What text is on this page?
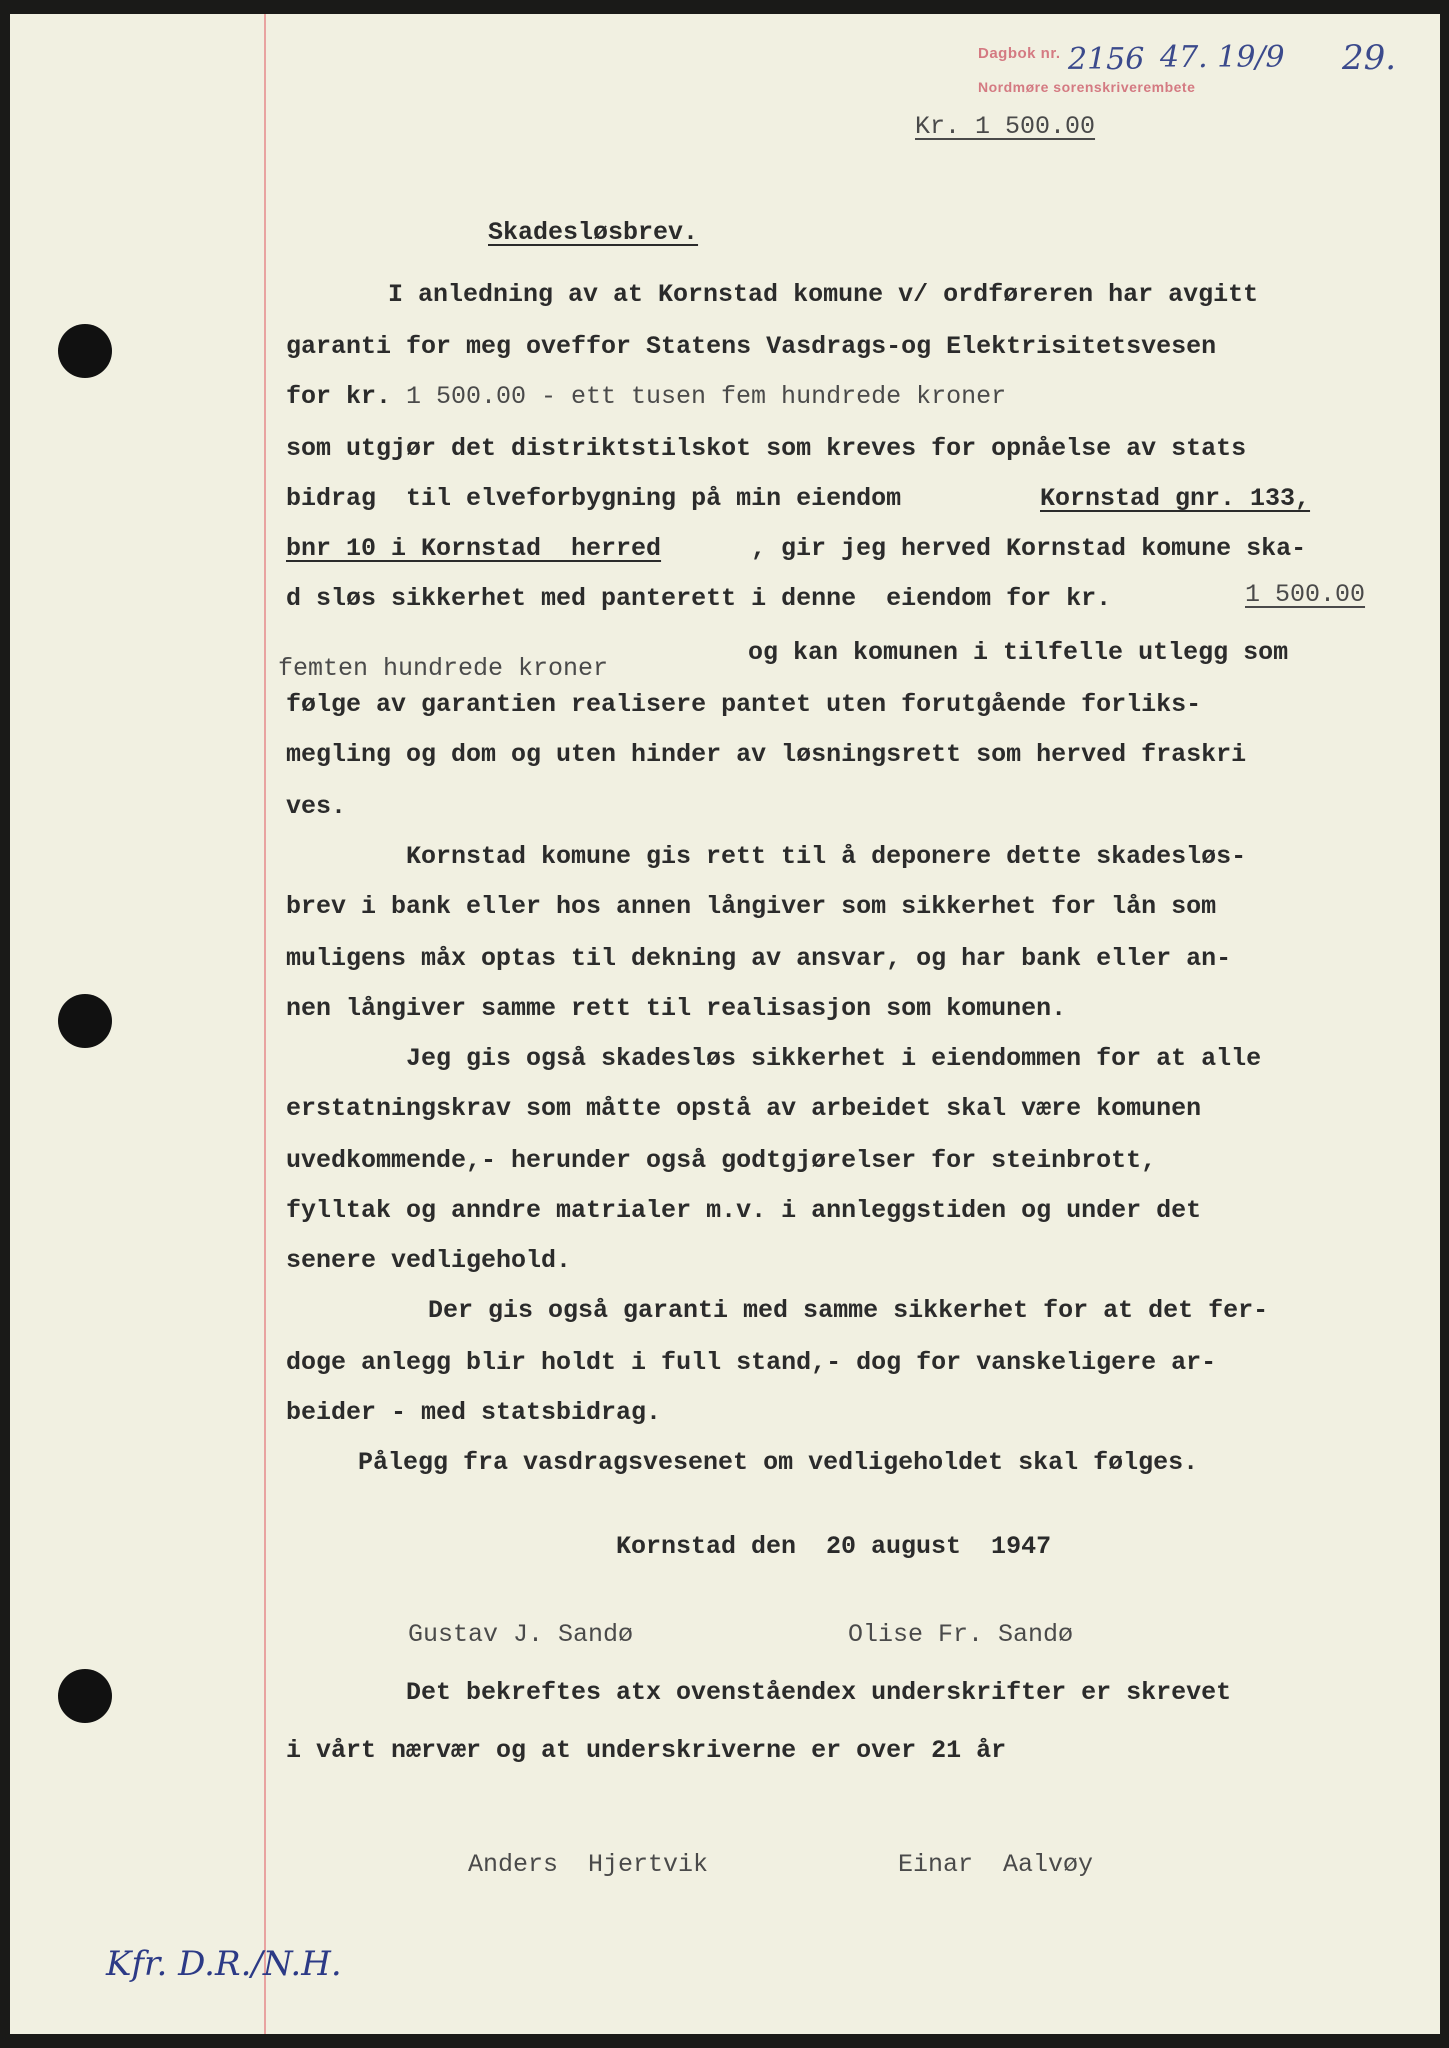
Dagbok nr.
Nordmøre sorenskriverembete
2156 47. 19/9 29.
Kr. 1 500.00
Skadesløsbrev.
I anledning av at Kornstad komune v/ ordføreren har avgitt
garanti for meg oveffor Statens Vasdrags-og Elektrisitetsvesen
for kr. 1 500.00 - ett tusen fem hundrede kroner
som utgjør det distriktstilskot som kreves for opnåelse av stats
bidrag  til elveforbygning på min eiendom	Kornstad gnr. 133,
bnr 10 i Kornstad  herred	, gir jeg herved Kornstad komune ska-
d sløs sikkerhet med panterett i denne  eiendom for kr.	1 500.00
femten hundrede kroner
og kan komunen i tilfelle utlegg som
følge av garantien realisere pantet uten forutgående forliks-
megling og dom og uten hinder av løsningsrett som herved fraskri
ves.
Kornstad komune gis rett til å deponere dette skadesløs-
brev i bank eller hos annen långiver som sikkerhet for lån som
muligens måx optas til dekning av ansvar, og har bank eller an-
nen långiver samme rett til realisasjon som komunen.
Jeg gis også skadesløs sikkerhet i eiendommen for at alle
erstatningskrav som måtte opstå av arbeidet skal være komunen
uvedkommende,- herunder også godtgjørelser for steinbrott,
fylltak og anndre matrialer m.v. i annleggstiden og under det
senere vedligehold.
Der gis også garanti med samme sikkerhet for at det fer-
doge anlegg blir holdt i full stand,- dog for vanskeligere ar-
beider - med statsbidrag.
Pålegg fra vasdragsvesenet om vedligeholdet skal følges.
Kornstad den  20 august  1947
Gustav J. Sandø	Olise Fr. Sandø
Det bekreftes atx ovenståendex underskrifter er skrevet
i vårt nærvær og at underskriverne er over 21 år
Anders  Hjertvik	Einar  Aalvøy
Kfr. D.R./N.H.
